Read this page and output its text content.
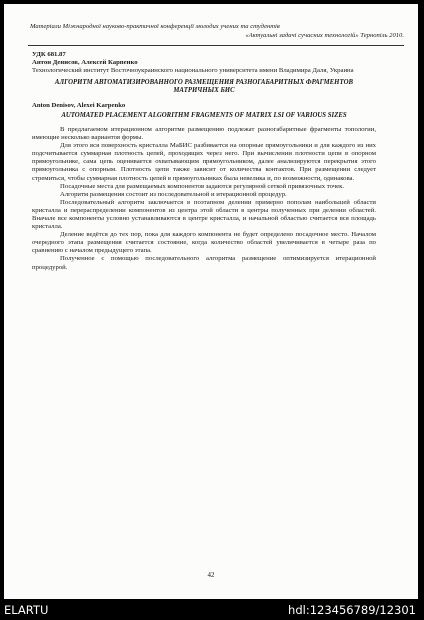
Матеріали Міжнародної науково-практичної конференції молодих учених та студентів
«Актуальні задачі сучасних технологій» Тернопіль 2010.
УДК 681.87
Антон Денисов, Алексей Карпенко
Технологический институт Восточноукраинского национального университета имени Владимира Даля, Украина
АЛГОРИТМ АВТОМАТИЗИРОВАННОГО РАЗМЕЩЕНИЯ РАЗНОГАБАРИТНЫХ ФРАГМЕНТОВ МАТРИЧНЫХ БИС
Anton Denisov, Alexei Karpenko
AUTOMATED PLACEMENT ALGORITHM FRAGMENTS OF MATRIX LSI OF VARIOUS SIZES

В предлагаемом итерационном алгоритме размещению подлежат разногабаритные фрагменты топологии, имеющие несколько вариантов формы.

Для этого вся поверхность кристалла МаБИС разбивается на опорные прямоугольники и для каждого из них подсчитывается суммарная плотность цепей, проходящих через него. При вычислении плотности цепи в опорном прямоугольнике, сама цепь оценивается охватывающим прямоугольником, далее анализируются перекрытия этого прямоугольника с опорным. Плотность цепи также зависит от количества контактов. При размещении следует стремиться, чтобы суммарная плотность цепей в прямоугольниках была невелика и, по возможности, одинакова.

Посадочные места для размещаемых компонентов задаются регулярной сеткой привязочных точек.

Алгоритм размещения состоит из последовательной и итерационной процедур.

Последовательный алгоритм заключается в поэтапном делении примерно пополам наибольшей области кристалла и перераспределении компонентов из центра этой области в центры полученных при делении областей. Вначале все компоненты условно устанавливаются в центре кристалла, и начальной областью считается вся площадь кристалла.

Деление ведётся до тех пор, пока для каждого компонента не будет определено посадочное место. Началом очередного этапа размещения считается состояние, когда количество областей увеличивается в четыре раза по сравнению с началом предыдущего этапа.

Полученное с помощью последовательного алгоритма размещение оптимизируется итерационной процедурой.

42
ELARTU	hdl:123456789/12301
